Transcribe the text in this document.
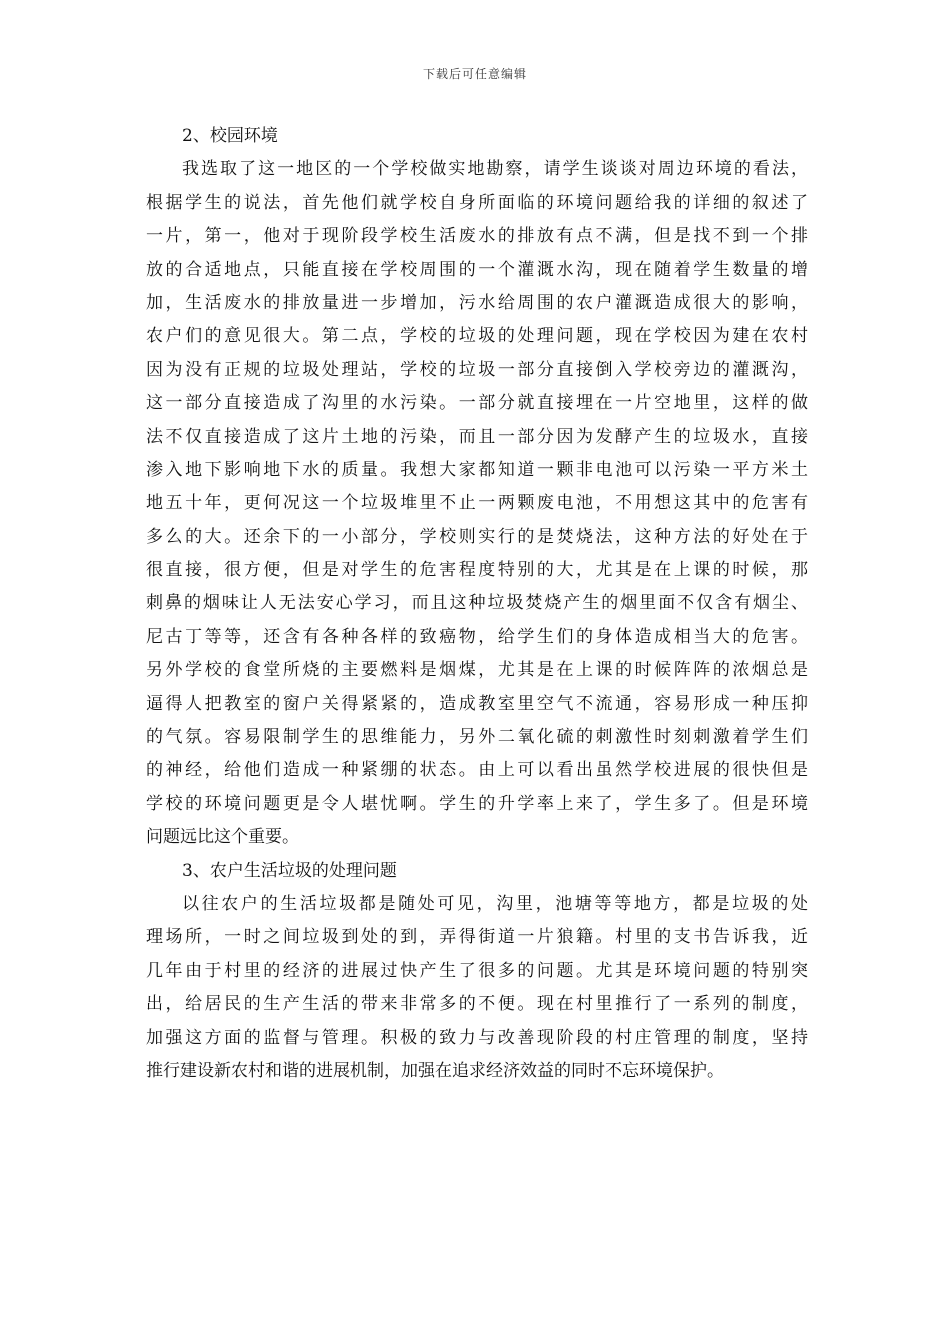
下载后可任意编辑
2、校园环境
我选取了这一地区的一个学校做实地勘察，请学生谈谈对周边环境的看法，
根据学生的说法，首先他们就学校自身所面临的环境问题给我的详细的叙述了
一片，第一，他对于现阶段学校生活废水的排放有点不满，但是找不到一个排
放的合适地点，只能直接在学校周围的一个灌溉水沟，现在随着学生数量的增
加，生活废水的排放量进一步增加，污水给周围的农户灌溉造成很大的影响，
农户们的意见很大。第二点，学校的垃圾的处理问题，现在学校因为建在农村
因为没有正规的垃圾处理站，学校的垃圾一部分直接倒入学校旁边的灌溉沟，
这一部分直接造成了沟里的水污染。一部分就直接埋在一片空地里，这样的做
法不仅直接造成了这片土地的污染，而且一部分因为发酵产生的垃圾水，直接
渗入地下影响地下水的质量。我想大家都知道一颗非电池可以污染一平方米土
地五十年，更何况这一个垃圾堆里不止一两颗废电池，不用想这其中的危害有
多么的大。还余下的一小部分，学校则实行的是焚烧法，这种方法的好处在于
很直接，很方便，但是对学生的危害程度特别的大，尤其是在上课的时候，那
刺鼻的烟味让人无法安心学习，而且这种垃圾焚烧产生的烟里面不仅含有烟尘、
尼古丁等等，还含有各种各样的致癌物，给学生们的身体造成相当大的危害。
另外学校的食堂所烧的主要燃料是烟煤，尤其是在上课的时候阵阵的浓烟总是
逼得人把教室的窗户关得紧紧的，造成教室里空气不流通，容易形成一种压抑
的气氛。容易限制学生的思维能力，另外二氧化硫的刺激性时刻刺激着学生们
的神经，给他们造成一种紧绷的状态。由上可以看出虽然学校进展的很快但是
学校的环境问题更是令人堪忧啊。学生的升学率上来了，学生多了。但是环境
问题远比这个重要。
3、农户生活垃圾的处理问题
以往农户的生活垃圾都是随处可见，沟里，池塘等等地方，都是垃圾的处
理场所，一时之间垃圾到处的到，弄得街道一片狼籍。村里的支书告诉我，近
几年由于村里的经济的进展过快产生了很多的问题。尤其是环境问题的特别突
出，给居民的生产生活的带来非常多的不便。现在村里推行了一系列的制度，
加强这方面的监督与管理。积极的致力与改善现阶段的村庄管理的制度，坚持
推行建设新农村和谐的进展机制，加强在追求经济效益的同时不忘环境保护。
